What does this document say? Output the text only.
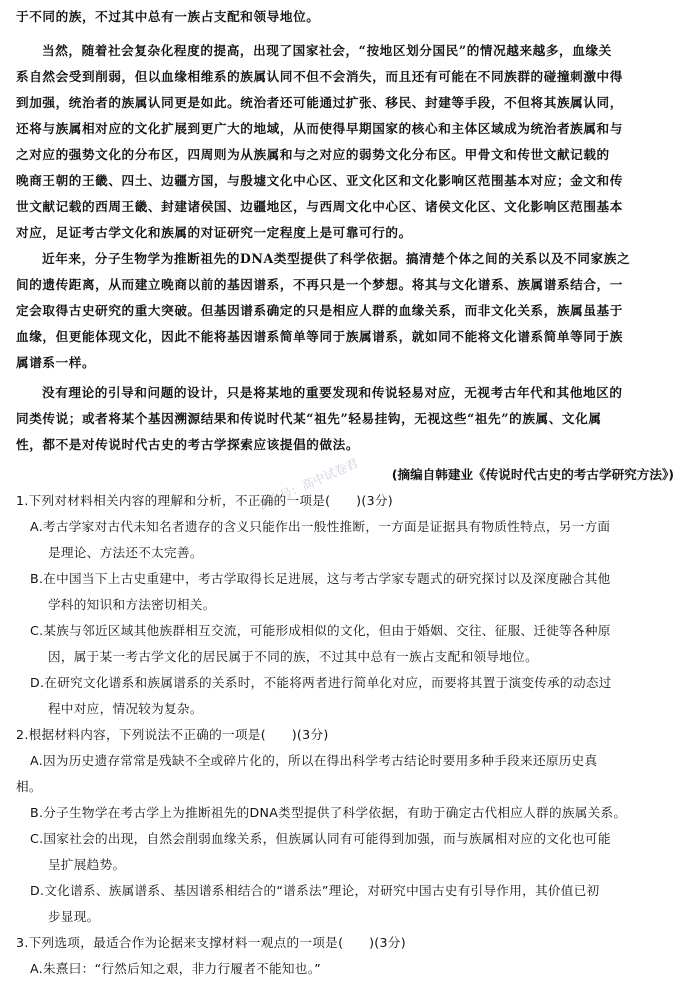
于不同的族，不过其中总有一族占支配和领导地位。
当然，随着社会复杂化程度的提高，出现了国家社会，“按地区划分国民”的情况越来越多，血缘关
系自然会受到削弱，但以血缘相维系的族属认同不但不会消失，而且还有可能在不同族群的碰撞刺激中得
到加强，统治者的族属认同更是如此。统治者还可能通过扩张、移民、封建等手段，不但将其族属认同，
还将与族属相对应的文化扩展到更广大的地域，从而使得早期国家的核心和主体区域成为统治者族属和与
之对应的强势文化的分布区，四周则为从族属和与之对应的弱势文化分布区。甲骨文和传世文献记载的
晚商王朝的王畿、四土、边疆方国，与殷墟文化中心区、亚文化区和文化影响区范围基本对应；金文和传
世文献记载的西周王畿、封建诸侯国、边疆地区，与西周文化中心区、诸侯文化区、文化影响区范围基本
对应，足证考古学文化和族属的对证研究一定程度上是可靠可行的。
近年来，分子生物学为推断祖先的DNA类型提供了科学依据。搞清楚个体之间的关系以及不同家族之
间的遗传距离，从而建立晚商以前的基因谱系，不再只是一个梦想。将其与文化谱系、族属谱系结合，一
定会取得古史研究的重大突破。但基因谱系确定的只是相应人群的血缘关系，而非文化关系，族属虽基于
血缘，但更能体现文化，因此不能将基因谱系简单等同于族属谱系，就如同不能将文化谱系简单等同于族
属谱系一样。
没有理论的引导和问题的设计，只是将某地的重要发现和传说轻易对应，无视考古年代和其他地区的
同类传说；或者将某个基因溯源结果和传说时代某“祖先”轻易挂钩，无视这些“祖先”的族属、文化属
性，都不是对传说时代古史的考古学探索应该提倡的做法。
(摘编自韩建业《传说时代古史的考古学研究方法》)
1.下列对材料相关内容的理解和分析，不正确的一项是(　　)(3分)
A.考古学家对古代未知名者遗存的含义只能作出一般性推断，一方面是证据具有物质性特点，另一方面
是理论、方法还不太完善。
B.在中国当下上古史重建中，考古学取得长足进展，这与考古学家专题式的研究探讨以及深度融合其他
学科的知识和方法密切相关。
C.某族与邻近区域其他族群相互交流，可能形成相似的文化，但由于婚姻、交往、征服、迁徙等各种原
因，属于某一考古学文化的居民属于不同的族，不过其中总有一族占支配和领导地位。
D.在研究文化谱系和族属谱系的关系时，不能将两者进行简单化对应，而要将其置于演变传承的动态过
程中对应，情况较为复杂。
2.根据材料内容，下列说法不正确的一项是(　　)(3分)
A.因为历史遗存常常是残缺不全或碎片化的，所以在得出科学考古结论时要用多种手段来还原历史真
相。
B.分子生物学在考古学上为推断祖先的DNA类型提供了科学依据，有助于确定古代相应人群的族属关系。
C.国家社会的出现，自然会削弱血缘关系，但族属认同有可能得到加强，而与族属相对应的文化也可能
呈扩展趋势。
D.文化谱系、族属谱系、基因谱系相结合的“谱系法”理论，对研究中国古史有引导作用，其价值已初
步显现。
3.下列选项，最适合作为论据来支撑材料一观点的一项是(　　)(3分)
A.朱熹曰：“行然后知之艰，非力行履者不能知也。”
公众号：高中试卷君
